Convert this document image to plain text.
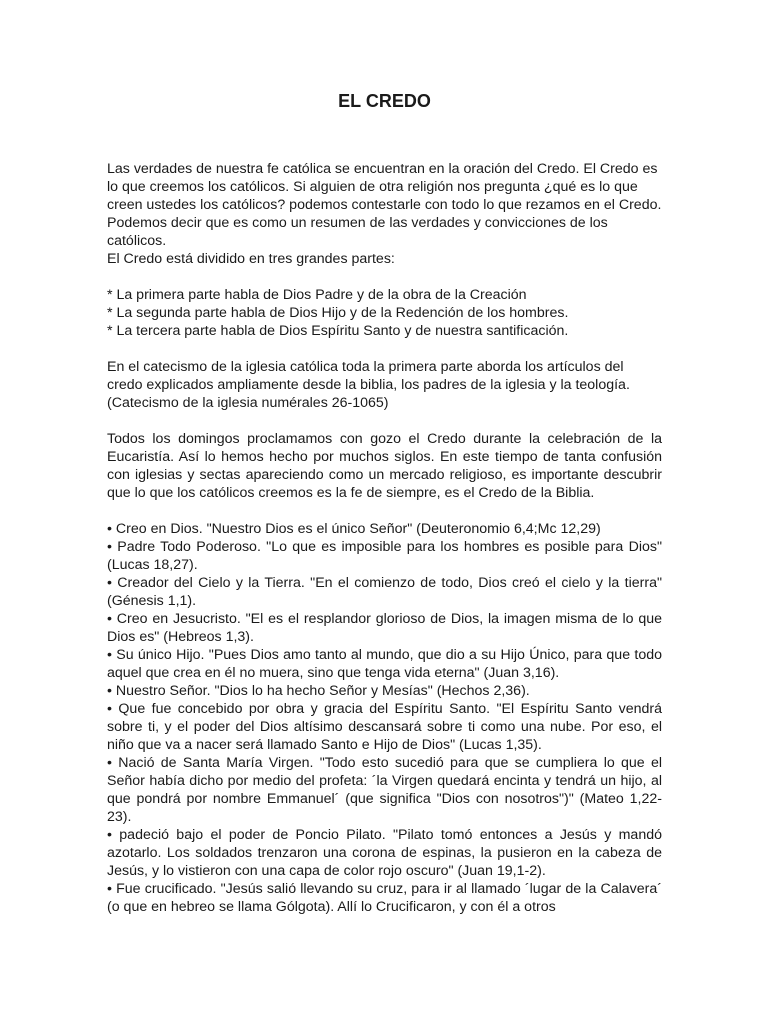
EL CREDO
Las verdades de nuestra fe católica se encuentran en la oración del Credo. El Credo es lo que creemos los católicos. Si alguien de otra religión nos pregunta ¿qué es lo que creen ustedes los católicos? podemos contestarle con todo lo que rezamos en el Credo. Podemos decir que es como un resumen de las verdades y convicciones de los católicos.
El Credo está dividido en tres grandes partes:
* La primera parte habla de Dios Padre y de la obra de la Creación
* La segunda parte habla de Dios Hijo y de la Redención de los hombres.
* La tercera parte habla de Dios Espíritu Santo y de nuestra santificación.
En el catecismo de la iglesia católica toda la primera parte aborda los artículos del credo explicados ampliamente desde la biblia, los padres de la iglesia y la teología. (Catecismo de la iglesia numérales 26-1065)
Todos los domingos proclamamos con gozo el Credo durante la celebración de la Eucaristía. Así lo hemos hecho por muchos siglos. En este tiempo de tanta confusión con iglesias y sectas apareciendo como un mercado religioso, es importante descubrir que lo que los católicos creemos es la fe de siempre, es el Credo de la Biblia.
• Creo en Dios. "Nuestro Dios es el único Señor" (Deuteronomio 6,4;Mc 12,29)
• Padre Todo Poderoso. "Lo que es imposible para los hombres es posible para Dios" (Lucas 18,27).
• Creador del Cielo y la Tierra. "En el comienzo de todo, Dios creó el cielo y la tierra"(Génesis 1,1).
• Creo en Jesucristo. "El es el resplandor glorioso de Dios, la imagen misma de lo que Dios es" (Hebreos 1,3).
• Su único Hijo. "Pues Dios amo tanto al mundo, que dio a su Hijo Único, para que todo aquel que crea en él no muera, sino que tenga vida eterna" (Juan 3,16).
• Nuestro Señor. "Dios lo ha hecho Señor y Mesías" (Hechos 2,36).
• Que fue concebido por obra y gracia del Espíritu Santo. "El Espíritu Santo vendrá sobre ti, y el poder del Dios altísimo descansará sobre ti como una nube. Por eso, el niño que va a nacer será llamado Santo e Hijo de Dios" (Lucas 1,35).
• Nació de Santa María Virgen. "Todo esto sucedió para que se cumpliera lo que el Señor había dicho por medio del profeta: ´la Virgen quedará encinta y tendrá un hijo, al que pondrá por nombre Emmanuel´ (que significa "Dios con nosotros")" (Mateo 1,22-23).
• padeció bajo el poder de Poncio Pilato. "Pilato tomó entonces a Jesús y mandó azotarlo. Los soldados trenzaron una corona de espinas, la pusieron en la cabeza de Jesús, y lo vistieron con una capa de color rojo oscuro" (Juan 19,1-2).
• Fue crucificado. "Jesús salió llevando su cruz, para ir al llamado ´lugar de la Calavera´ (o que en hebreo se llama Gólgota). Allí lo Crucificaron, y con él a otros
